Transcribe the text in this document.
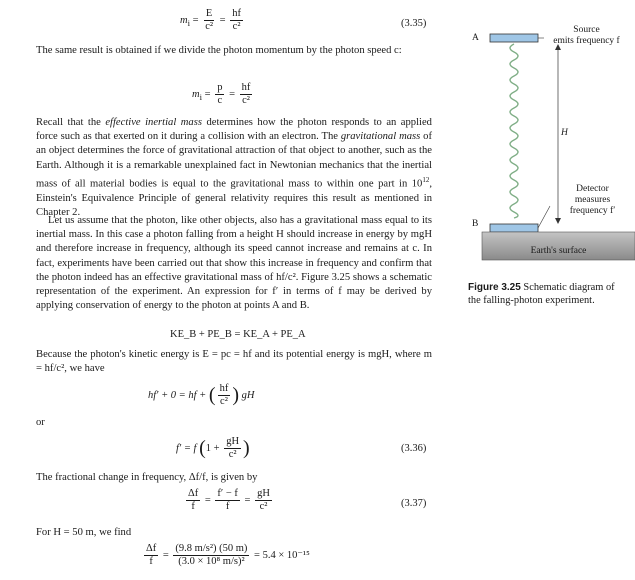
$m_i = \frac{E}{\text{c²}} = \frac{hf}{\text{c²}}$	(3.35)
The same result is obtained if we divide the photon momentum by the photon speed c:
$m_i = \frac{p}{c} = \frac{hf}{\text{c²}}$
Recall that the effective inertial mass determines how the photon responds to an applied force such as that exerted on it during a collision with an electron. The gravitational mass of an object determines the force of gravitational attraction of that object to another, such as the Earth. Although it is a remarkable unexplained fact in Newtonian mechanics that the inertial mass of all material bodies is equal to the gravitational mass to within one part in $10^{12}$, Einstein's Equivalence Principle of general relativity requires this result as mentioned in Chapter 2.
Let us assume that the photon, like other objects, also has a gravitational mass equal to its inertial mass. In this case a photon falling from a height H should increase in energy by mgH and therefore increase in frequency, although its speed cannot increase and remains at c. In fact, experiments have been carried out that show this increase in frequency and confirm that the photon indeed has an effective gravitational mass of hf/c². Figure 3.25 shows a schematic representation of the experiment. An expression for f′ in terms of f may be derived by applying conservation of energy to the photon at points A and B.
KE_B + PE_B = KE_A + PE_A
Because the photon's kinetic energy is E = pc = hf and its potential energy is mgH, where m = hf/c², we have
hf′ + 0 = hf + ( $\frac{hf}{\text{c²}}$ ) gH
or
f′ = f ($1 + \frac{gH}{\text{c²}}$ )	(3.36)
The fractional change in frequency, Δf/f, is given by
$\frac{\Delta f}{f} = \frac{f' - f}{f} = \frac{gH}{\text{c²}}$	(3.37)
For H = 50 m, we find
$\frac{\Delta f}{f} = \frac{\text{(9.8 m/s²) (50 m)}}{\text{(3.0 × 10⁸ m/s)²}} = 5.4 \times 10^{-15}$
A
B
H
Source
emits frequency f
Detector
measures
frequency f′
Earth's surface
Figure 3.25 Schematic diagram of the falling-photon experiment.
